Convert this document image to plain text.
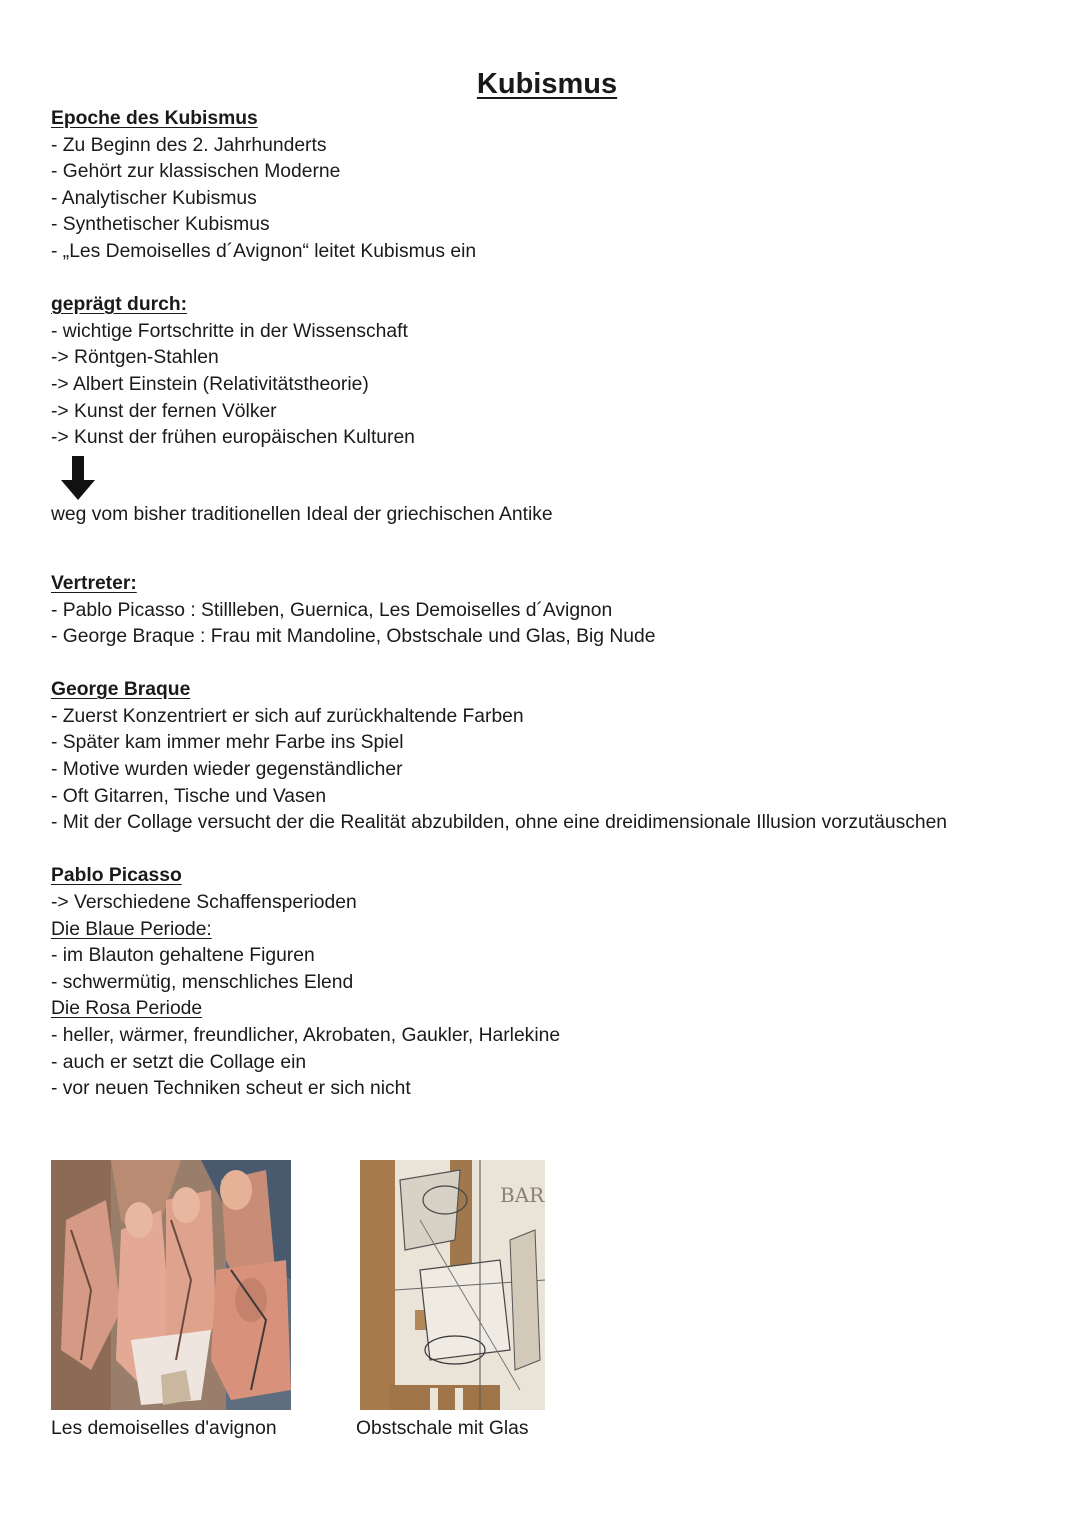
Kubismus

Epoche des Kubismus

- Zu Beginn des 2. Jahrhunderts

- Gehört zur klassischen Moderne

- Analytischer Kubismus

- Synthetischer Kubismus

- „Les Demoiselles d´Avignon“ leitet Kubismus ein

geprägt durch:

- wichtige Fortschritte in der Wissenschaft

-> Röntgen-Stahlen

-> Albert Einstein (Relativitätstheorie)

-> Kunst der fernen Völker

-> Kunst der frühen europäischen Kulturen

weg vom bisher traditionellen Ideal der griechischen Antike

Vertreter:

- Pablo Picasso : Stillleben, Guernica, Les Demoiselles d´Avignon

- George Braque : Frau mit Mandoline, Obstschale und Glas, Big Nude

George Braque

- Zuerst Konzentriert er sich auf zurückhaltende Farben

- Später kam immer mehr Farbe ins Spiel

- Motive wurden wieder gegenständlicher

- Oft Gitarren, Tische und Vasen

- Mit der Collage versucht der die Realität abzubilden, ohne eine dreidimensionale Illusion vorzutäuschen

Pablo Picasso

-> Verschiedene Schaffensperioden

Die Blaue Periode:

- im Blauton gehaltene Figuren

- schwermütig, menschliches Elend

Die Rosa Periode

- heller, wärmer, freundlicher, Akrobaten, Gaukler, Harlekine

- auch er setzt die Collage ein

- vor neuen Techniken scheut er sich nicht

Les demoiselles d'avignon
BAR
Obstschale mit Glas
